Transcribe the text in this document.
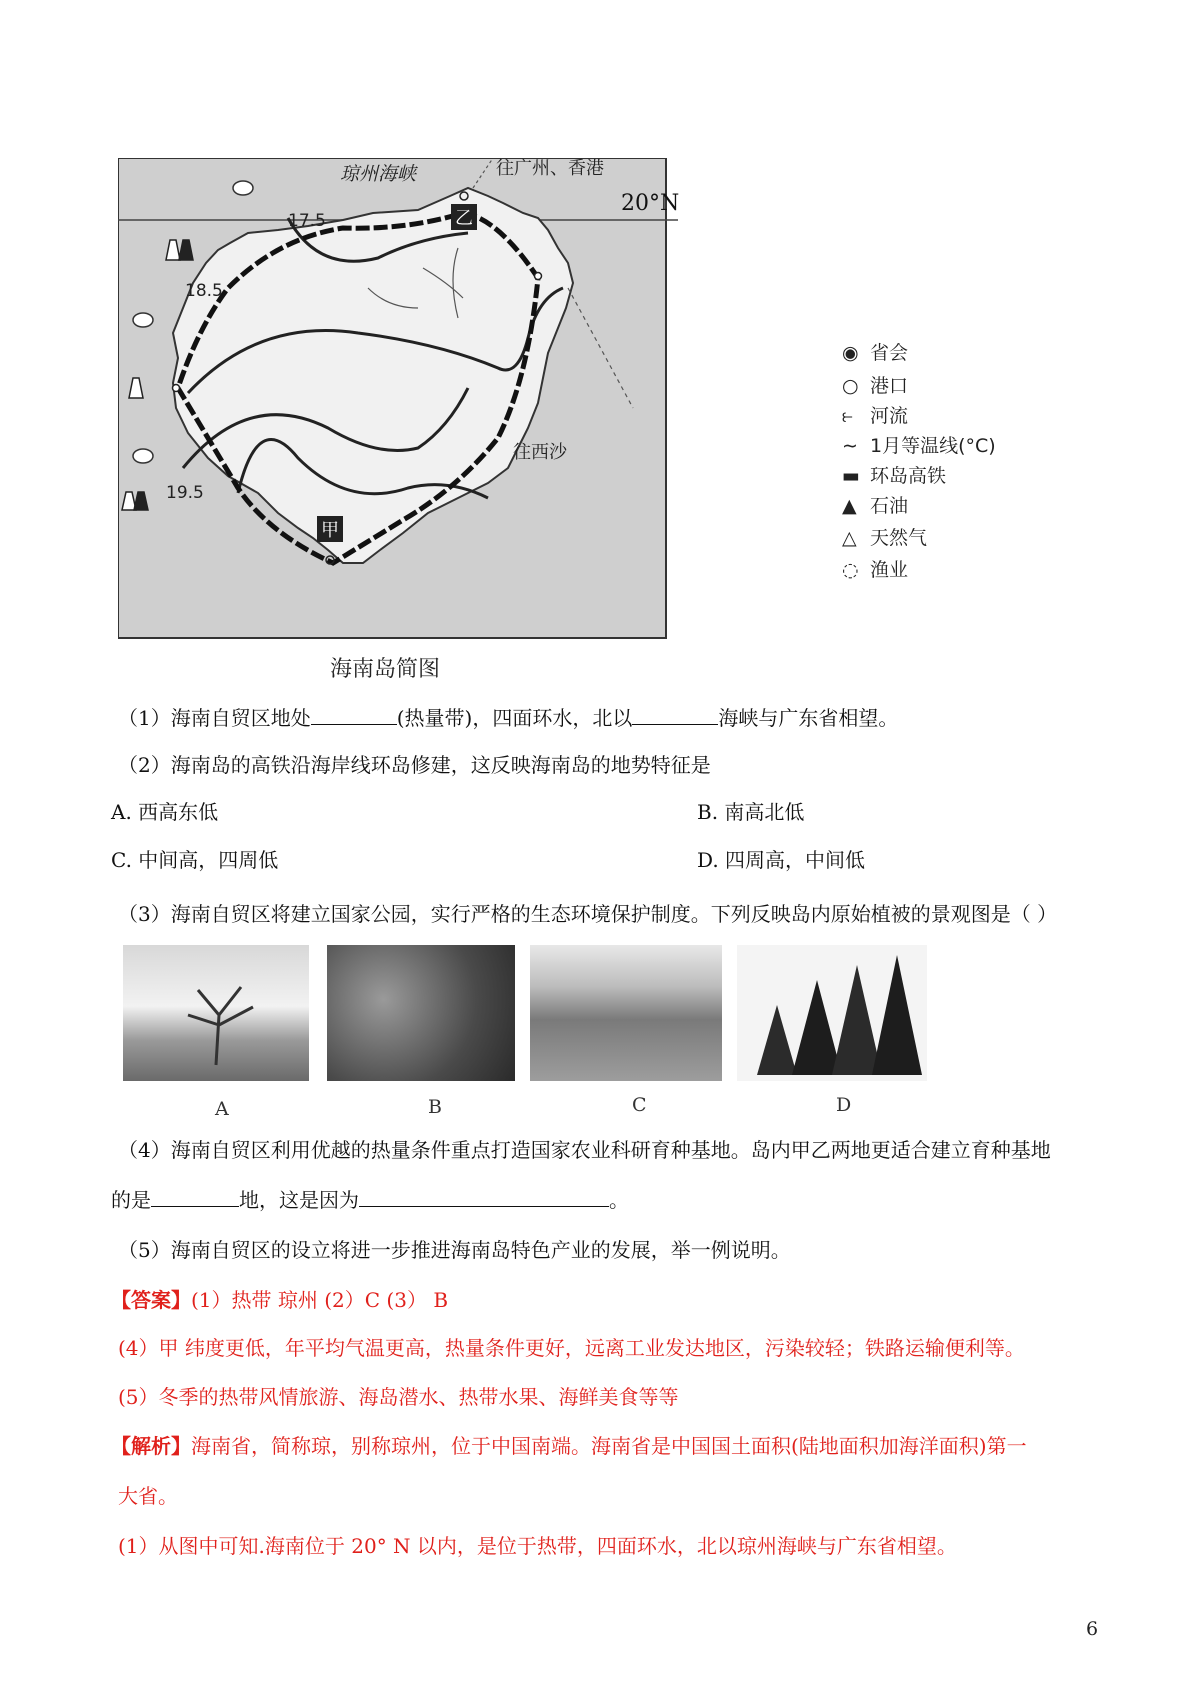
乙
甲
琼州海峡	往广州、香港
20°N
17.5
18.5
19.5
往西沙
◉ 省会
○ 港口
⥼ 河流
∼ 1月等温线(°C)
▬ 环岛高铁
▲ 石油
△ 天然气
◌ 渔业
海南岛简图
（1）海南自贸区地处	(热量带)，四面环水，北以	海峡与广东省相望。
（2）海南岛的高铁沿海岸线环岛修建，这反映海南岛的地势特征是
A. 西高东低	B. 南高北低
C. 中间高，四周低	D. 四周高，中间低
（3）海南自贸区将建立国家公园，实行严格的生态环境保护制度。下列反映岛内原始植被的景观图是（ ）
A	B	C	D
（4）海南自贸区利用优越的热量条件重点打造国家农业科研育种基地。岛内甲乙两地更适合建立育种基地
的是	地，这是因为	。
（5）海南自贸区的设立将进一步推进海南岛特色产业的发展，举一例说明。
【答案】(1）热带 琼州 (2）C (3） B
(4）甲 纬度更低，年平均气温更高，热量条件更好，远离工业发达地区，污染较轻；铁路运输便利等。
(5）冬季的热带风情旅游、海岛潜水、热带水果、海鲜美食等等
【解析】海南省，简称琼，别称琼州，位于中国南端。海南省是中国国土面积(陆地面积加海洋面积)第一
大省。
(1）从图中可知.海南位于 20° N 以内，是位于热带，四面环水，北以琼州海峡与广东省相望。
6
